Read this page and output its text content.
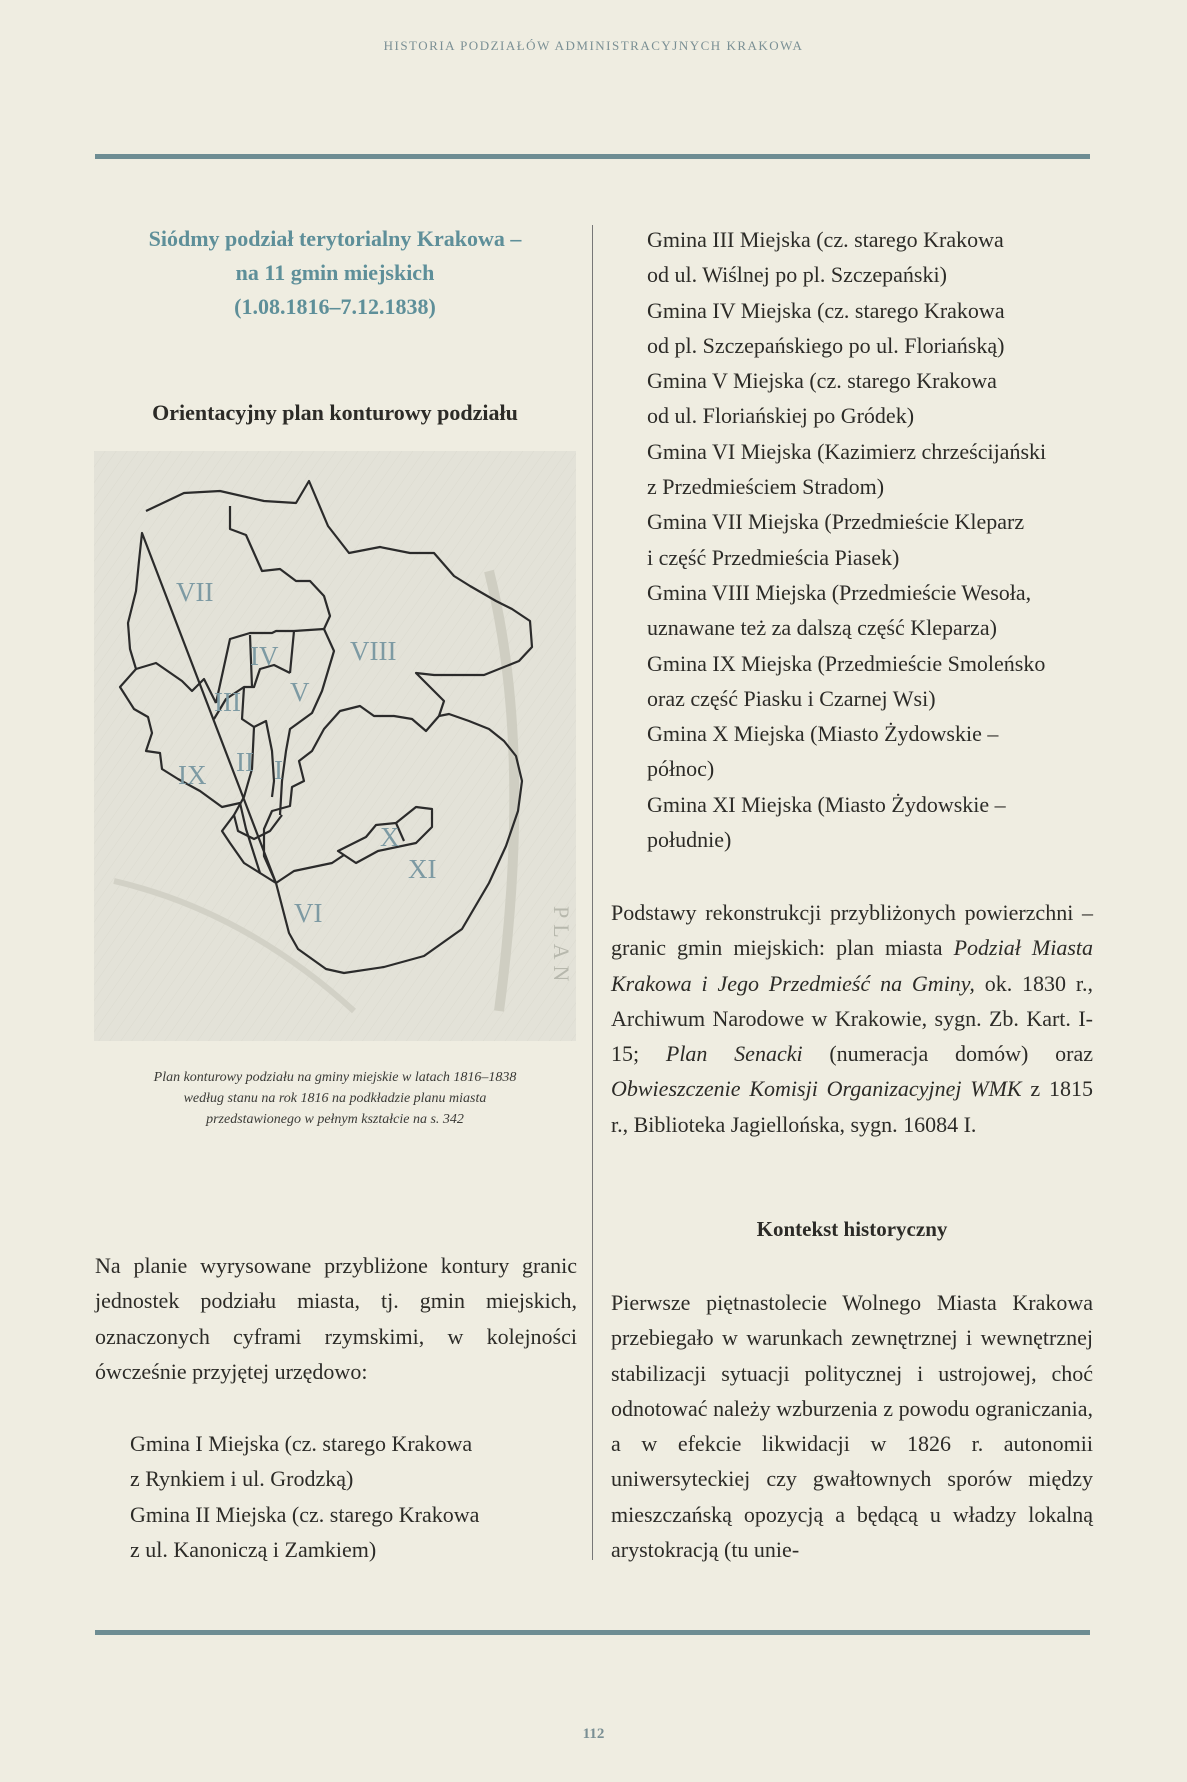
HISTORIA PODZIAŁÓW ADMINISTRACYJNYCH KRAKOWA
Siódmy podział terytorialny Krakowa –
na 11 gmin miejskich
(1.08.1816–7.12.1838)
Orientacyjny plan konturowy podziału
PLAN
VII
IV	VIII
III V
IX II I
X
XI
VI
Plan konturowy podziału na gminy miejskie w latach 1816–1838
według stanu na rok 1816 na podkładzie planu miasta
przedstawionego w pełnym kształcie na s. 342
Na planie wyrysowane przybliżone kontury granic jednostek podziału miasta, tj. gmin miejskich, oznaczonych cyframi rzymskimi, w kolejności ówcześnie przyjętej urzędowo:
Gmina I Miejska (cz. starego Krakowa
z Rynkiem i ul. Grodzką)
Gmina II Miejska (cz. starego Krakowa
z ul. Kanoniczą i Zamkiem)
Gmina III Miejska (cz. starego Krakowa
od ul. Wiślnej po pl. Szczepański)
Gmina IV Miejska (cz. starego Krakowa
od pl. Szczepańskiego po ul. Floriańską)
Gmina V Miejska (cz. starego Krakowa
od ul. Floriańskiej po Gródek)
Gmina VI Miejska (Kazimierz chrześcijański
z Przedmieściem Stradom)
Gmina VII Miejska (Przedmieście Kleparz
i część Przedmieścia Piasek)
Gmina VIII Miejska (Przedmieście Wesoła,
uznawane też za dalszą część Kleparza)
Gmina IX Miejska (Przedmieście Smoleńsko
oraz część Piasku i Czarnej Wsi)
Gmina X Miejska (Miasto Żydowskie –
północ)
Gmina XI Miejska (Miasto Żydowskie –
południe)
Podstawy rekonstrukcji przybliżonych powierzchni – granic gmin miejskich: plan miasta Podział Miasta Krakowa i Jego Przedmieść na Gminy, ok. 1830 r., Archiwum Narodowe w Krakowie, sygn. Zb. Kart. I-15; Plan Senacki (numeracja domów) oraz Obwieszczenie Komisji Organizacyjnej WMK z 1815 r., Biblioteka Jagiellońska, sygn. 16084 I.
Kontekst historyczny
Pierwsze piętnastolecie Wolnego Miasta Krakowa przebiegało w warunkach zewnętrznej i wewnętrznej stabilizacji sytuacji politycznej i ustrojowej, choć odnotować należy wzburzenia z powodu ograniczania, a w efekcie likwidacji w 1826 r. autonomii uniwersyteckiej czy gwałtownych sporów między mieszczańską opozycją a będącą u władzy lokalną arystokracją (tu unie-
112
